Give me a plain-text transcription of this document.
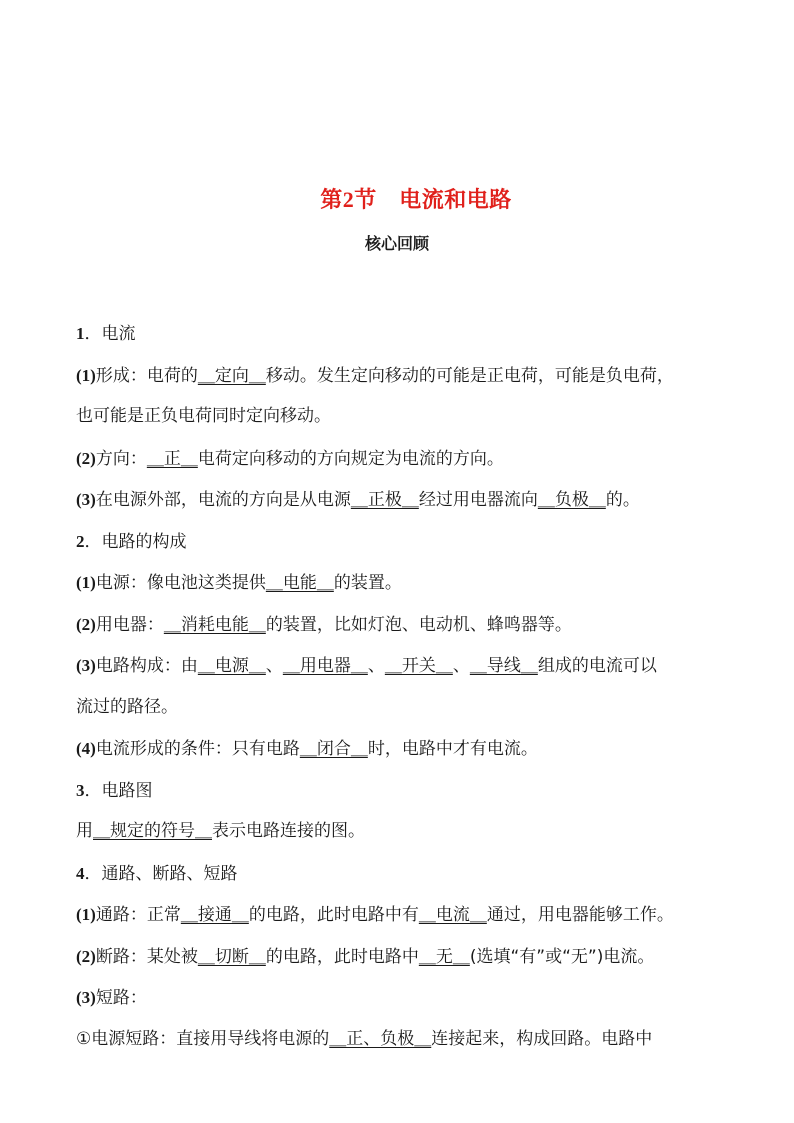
第2节　电流和电路
核心回顾
1．电流
(1)形成：电荷的＿定向＿移动。发生定向移动的可能是正电荷，可能是负电荷，
也可能是正负电荷同时定向移动。
(2)方向：＿正＿电荷定向移动的方向规定为电流的方向。
(3)在电源外部，电流的方向是从电源＿正极＿经过用电器流向＿负极＿的。
2．电路的构成
(1)电源：像电池这类提供＿电能＿的装置。
(2)用电器：＿消耗电能＿的装置，比如灯泡、电动机、蜂鸣器等。
(3)电路构成：由＿电源＿、＿用电器＿、＿开关＿、＿导线＿组成的电流可以
流过的路径。
(4)电流形成的条件：只有电路＿闭合＿时，电路中才有电流。
3．电路图
用＿规定的符号＿表示电路连接的图。
4．通路、断路、短路
(1)通路：正常＿接通＿的电路，此时电路中有＿电流＿通过，用电器能够工作。
(2)断路：某处被＿切断＿的电路，此时电路中＿无＿(选填“有”或“无”)电流。
(3)短路：
①电源短路：直接用导线将电源的＿正、负极＿连接起来，构成回路。电路中
